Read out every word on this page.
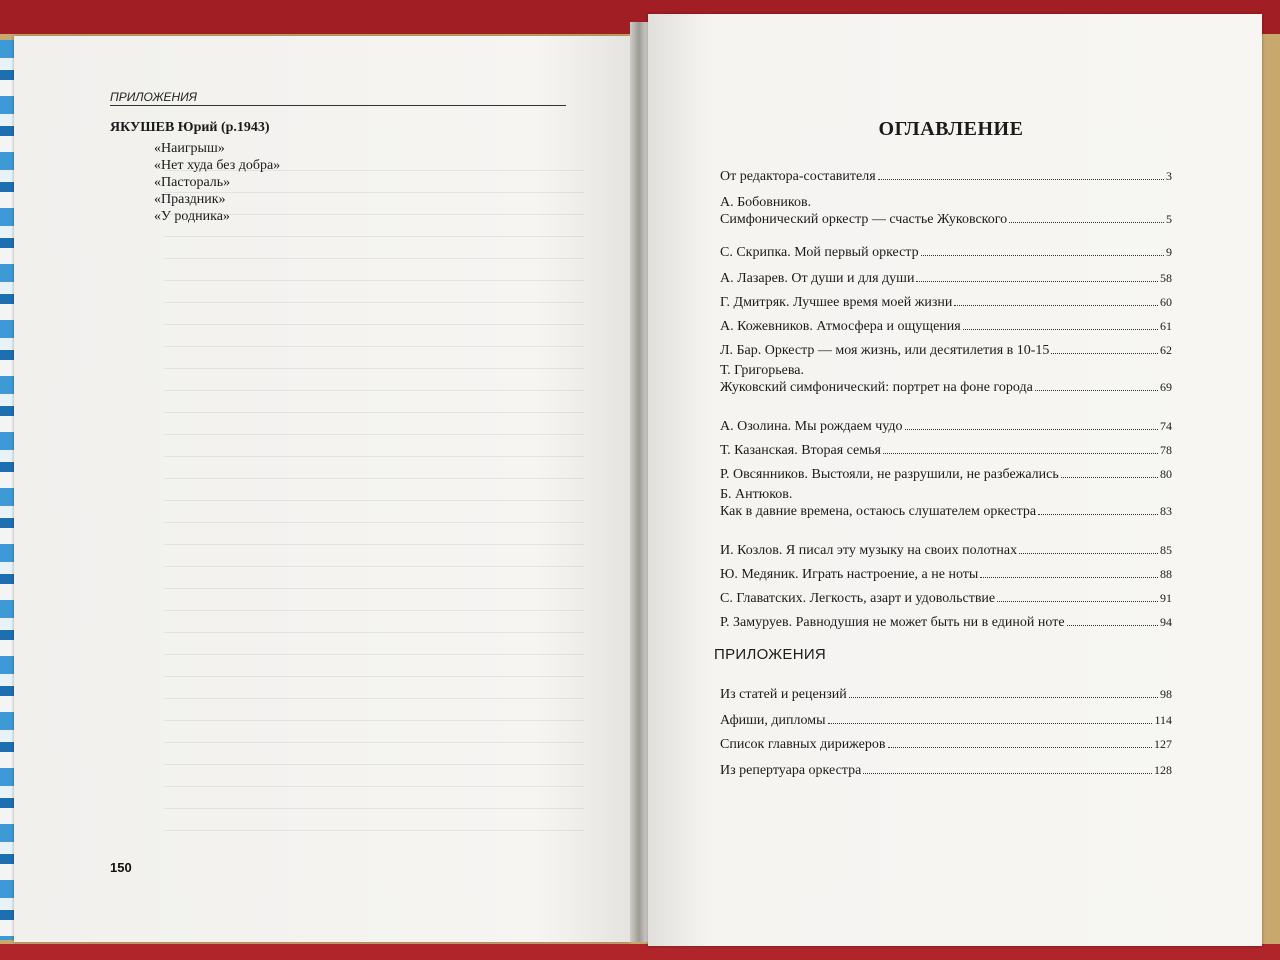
ПРИЛОЖЕНИЯ
ЯКУШЕВ Юрий (р.1943)
«Наигрыш»
«Нет худа без добра»
«Пастораль»
«Праздник»
«У родника»
150
ОГЛАВЛЕНИЕ
От редактора-составителя	3
А. Бобовников.
Симфонический оркестр — счастье Жуковского	5
С. Скрипка. Мой первый оркестр	9
А. Лазарев. От души и для души	58
Г. Дмитряк. Лучшее время моей жизни	60
А. Кожевников. Атмосфера и ощущения	61
Л. Бар. Оркестр — моя жизнь, или десятилетия в 10-15	62
Т. Григорьева.
Жуковский симфонический: портрет на фоне города	69
А. Озолина. Мы рождаем чудо	74
Т. Казанская. Вторая семья	78
Р. Овсянников. Выстояли, не разрушили, не разбежались	80
Б. Антюков.
Как в давние времена, остаюсь слушателем оркестра	83
И. Козлов. Я писал эту музыку на своих полотнах	85
Ю. Медяник. Играть настроение, а не ноты	88
С. Главатских. Легкость, азарт и удовольствие	91
Р. Замуруев. Равнодушия не может быть ни в единой ноте	94
ПРИЛОЖЕНИЯ
Из статей и рецензий	98
Афиши, дипломы	114
Список главных дирижеров	127
Из репертуара оркестра	128
